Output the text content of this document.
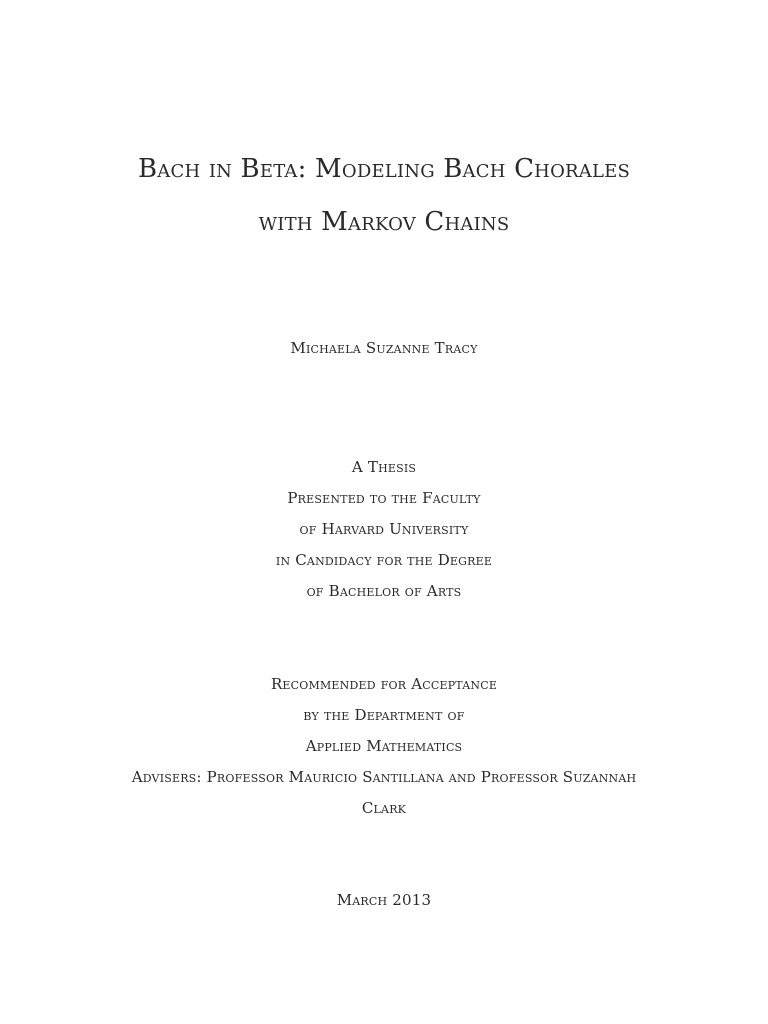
Bach in Beta: Modeling Bach Chorales
with Markov Chains
Michaela Suzanne Tracy
A Thesis
Presented to the Faculty
of Harvard University
in Candidacy for the Degree
of Bachelor of Arts
Recommended for Acceptance
by the Department of
Applied Mathematics
Advisers: Professor Mauricio Santillana and Professor Suzannah
Clark
March 2013
